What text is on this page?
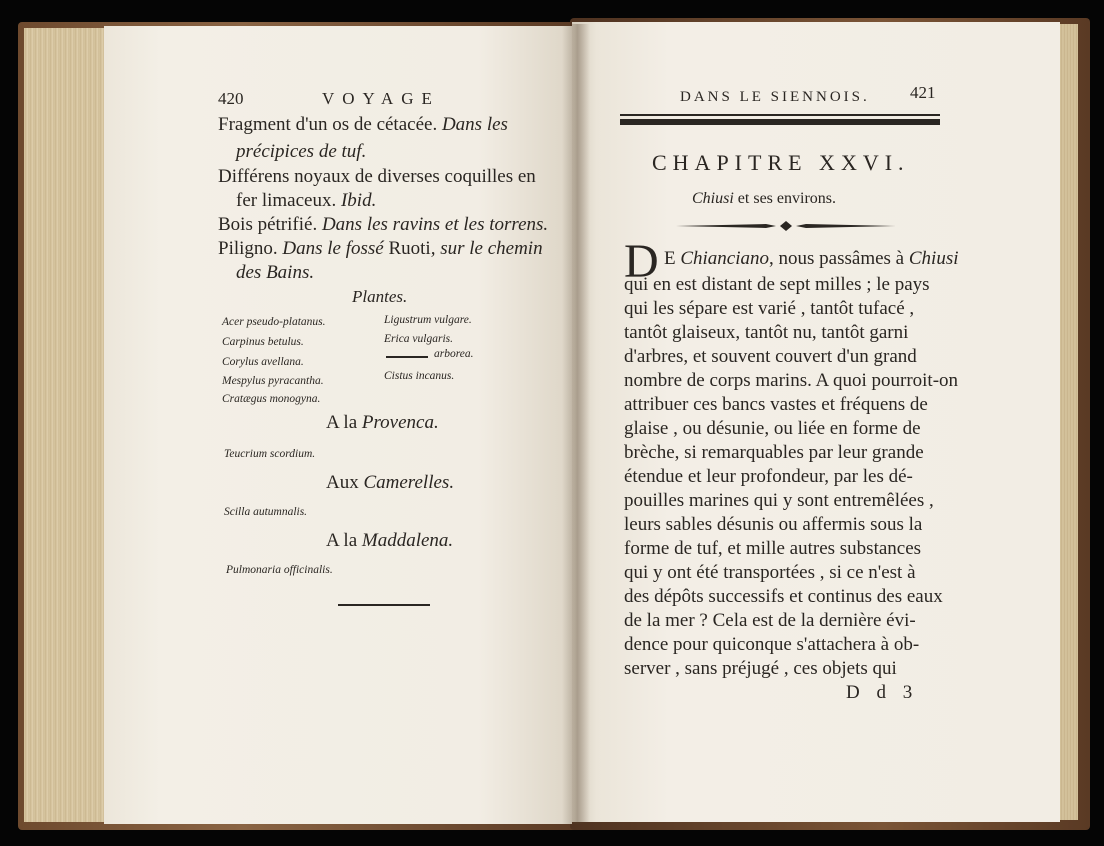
420	VOYAGE
Fragment d'un os de cétacée. Dans les
précipices de tuf.
Différens noyaux de diverses coquilles en
fer limaceux. Ibid.
Bois pétrifié. Dans les ravins et les torrens.
Piligno. Dans le fossé Ruoti, sur le chemin
des Bains.
Plantes.
Acer pseudo-platanus.
Carpinus betulus.
Corylus avellana.
Mespylus pyracantha.
Cratægus monogyna.
Ligustrum vulgare.
Erica vulgaris.
arborea.
Cistus incanus.
A la Provenca.
Teucrium scordium.
Aux Camerelles.
Scilla autumnalis.
A la Maddalena.
Pulmonaria officinalis.
DANS LE SIENNOIS. 421
CHAPITRE XXVI.
Chiusi et ses environs.
D E Chianciano, nous passâmes à Chiusi
qui en est distant de sept milles ; le pays
qui les sépare est varié , tantôt tufacé ,
tantôt glaiseux, tantôt nu, tantôt garni
d'arbres, et souvent couvert d'un grand
nombre de corps marins. A quoi pourroit-on
attribuer ces bancs vastes et fréquens de
glaise , ou désunie, ou liée en forme de
brèche, si remarquables par leur grande
étendue et leur profondeur, par les dé-
pouilles marines qui y sont entremêlées ,
leurs sables désunis ou affermis sous la
forme de tuf, et mille autres substances
qui y ont été transportées , si ce n'est à
des dépôts successifs et continus des eaux
de la mer ? Cela est de la dernière évi-
dence pour quiconque s'attachera à ob-
server , sans préjugé , ces objets qui
D d 3
